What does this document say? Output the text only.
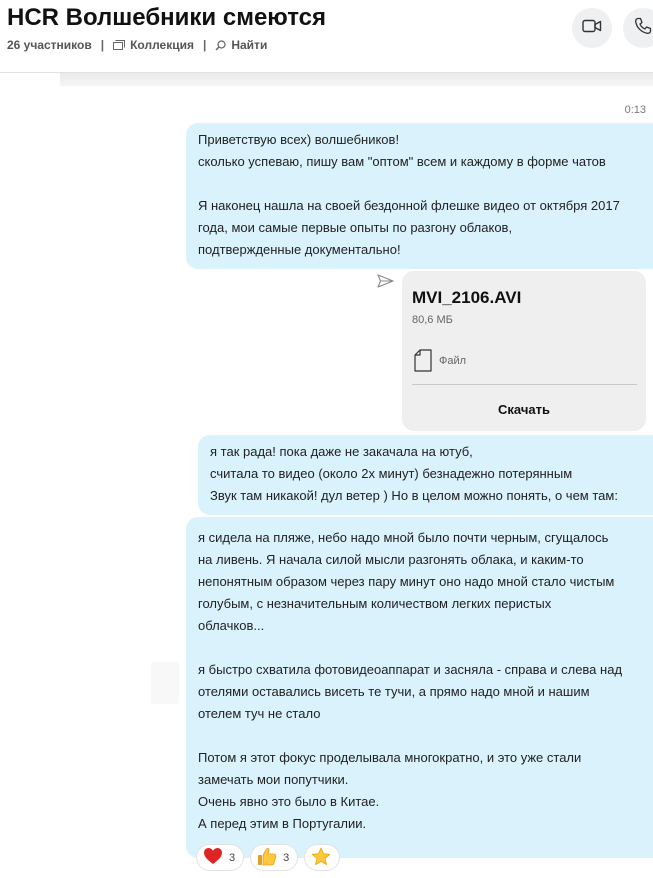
HCR Волшебники смеются
26 участников | Коллекция | Найти
0:13
Приветствую всех) волшебников!
сколько успеваю, пишу вам "оптом" всем и каждому в форме чатов
Я наконец нашла на своей бездонной флешке видео от октября 2017
года, мои самые первые опыты по разгону облаков,
подтвержденные документально!
MVI_2106.AVI
80,6 МБ
Файл
Скачать
я так рада! пока даже не закачала на ютуб,
считала то видео (около 2х минут) безнадежно потерянным
Звук там никакой! дул ветер ) Но в целом можно понять, о чем там:
я сидела на пляже, небо надо мной было почти черным, сгущалось
на ливень. Я начала силой мысли разгонять облака, и каким-то
непонятным образом через пару минут оно надо мной стало чистым
голубым, с незначительным количеством легких перистых
облачков...
я быстро схватила фотовидеоаппарат и засняла - справа и слева над
отелями оставались висеть те тучи, а прямо надо мной и нашим
отелем туч не стало
Потом я этот фокус проделывала многократно, и это уже стали
замечать мои попутчики.
Очень явно это было в Китае.
А перед этим в Португалии.
3	3
